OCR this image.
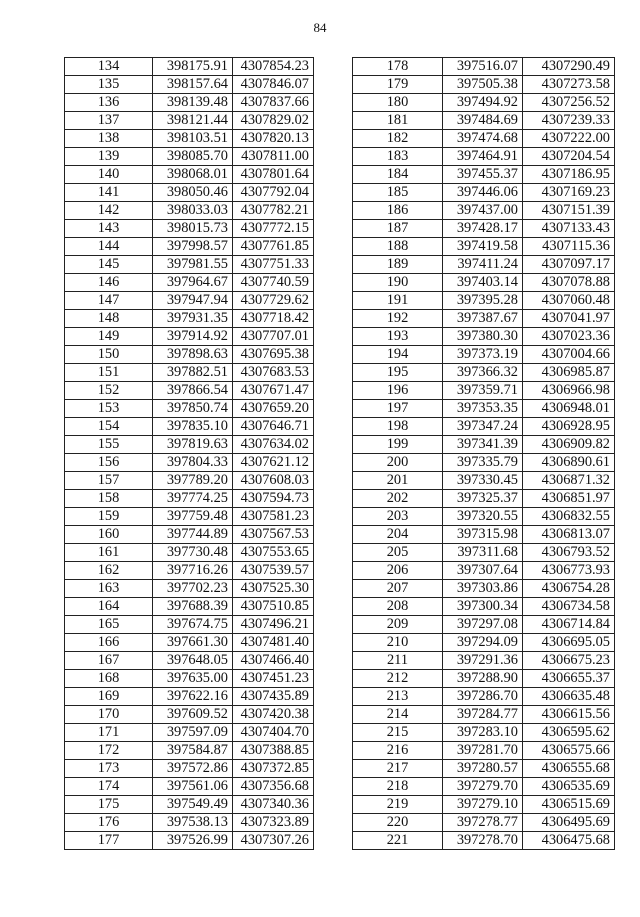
84
134	398175.91	4307854.23
135	398157.64	4307846.07
136	398139.48	4307837.66
137	398121.44	4307829.02
138	398103.51	4307820.13
139	398085.70	4307811.00
140	398068.01	4307801.64
141	398050.46	4307792.04
142	398033.03	4307782.21
143	398015.73	4307772.15
144	397998.57	4307761.85
145	397981.55	4307751.33
146	397964.67	4307740.59
147	397947.94	4307729.62
148	397931.35	4307718.42
149	397914.92	4307707.01
150	397898.63	4307695.38
151	397882.51	4307683.53
152	397866.54	4307671.47
153	397850.74	4307659.20
154	397835.10	4307646.71
155	397819.63	4307634.02
156	397804.33	4307621.12
157	397789.20	4307608.03
158	397774.25	4307594.73
159	397759.48	4307581.23
160	397744.89	4307567.53
161	397730.48	4307553.65
162	397716.26	4307539.57
163	397702.23	4307525.30
164	397688.39	4307510.85
165	397674.75	4307496.21
166	397661.30	4307481.40
167	397648.05	4307466.40
168	397635.00	4307451.23
169	397622.16	4307435.89
170	397609.52	4307420.38
171	397597.09	4307404.70
172	397584.87	4307388.85
173	397572.86	4307372.85
174	397561.06	4307356.68
175	397549.49	4307340.36
176	397538.13	4307323.89
177	397526.99	4307307.26
178	397516.07	4307290.49
179	397505.38	4307273.58
180	397494.92	4307256.52
181	397484.69	4307239.33
182	397474.68	4307222.00
183	397464.91	4307204.54
184	397455.37	4307186.95
185	397446.06	4307169.23
186	397437.00	4307151.39
187	397428.17	4307133.43
188	397419.58	4307115.36
189	397411.24	4307097.17
190	397403.14	4307078.88
191	397395.28	4307060.48
192	397387.67	4307041.97
193	397380.30	4307023.36
194	397373.19	4307004.66
195	397366.32	4306985.87
196	397359.71	4306966.98
197	397353.35	4306948.01
198	397347.24	4306928.95
199	397341.39	4306909.82
200	397335.79	4306890.61
201	397330.45	4306871.32
202	397325.37	4306851.97
203	397320.55	4306832.55
204	397315.98	4306813.07
205	397311.68	4306793.52
206	397307.64	4306773.93
207	397303.86	4306754.28
208	397300.34	4306734.58
209	397297.08	4306714.84
210	397294.09	4306695.05
211	397291.36	4306675.23
212	397288.90	4306655.37
213	397286.70	4306635.48
214	397284.77	4306615.56
215	397283.10	4306595.62
216	397281.70	4306575.66
217	397280.57	4306555.68
218	397279.70	4306535.69
219	397279.10	4306515.69
220	397278.77	4306495.69
221	397278.70	4306475.68
